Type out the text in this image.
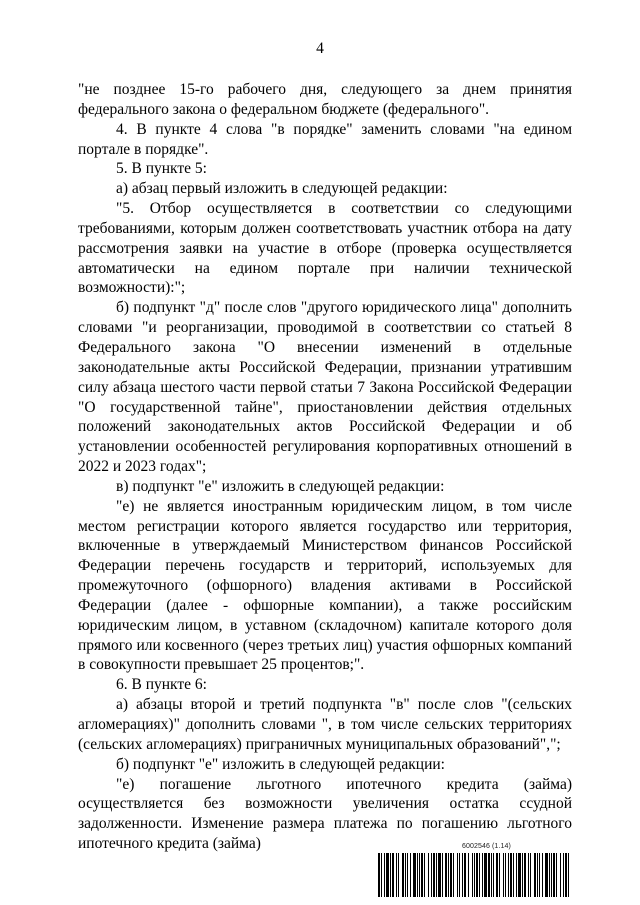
4

"не позднее 15-го рабочего дня, следующего за днем принятия федерального закона о федеральном бюджете (федерального".

4. В пункте 4 слова "в порядке" заменить словами "на едином портале в порядке".

5. В пункте 5:

а) абзац первый изложить в следующей редакции:

"5. Отбор осуществляется в соответствии со следующими требованиями, которым должен соответствовать участник отбора на дату рассмотрения заявки на участие в отборе (проверка осуществляется автоматически на едином портале при наличии технической возможности):";

б) подпункт "д" после слов "другого юридического лица" дополнить словами "и реорганизации, проводимой в соответствии со статьей 8 Федерального закона "О внесении изменений в отдельные законодательные акты Российской Федерации, признании утратившим силу абзаца шестого части первой статьи 7 Закона Российской Федерации "О государственной тайне", приостановлении действия отдельных положений законодательных актов Российской Федерации и об установлении особенностей регулирования корпоративных отношений в 2022 и 2023 годах";

в) подпункт "е" изложить в следующей редакции:

"е) не является иностранным юридическим лицом, в том числе местом регистрации которого является государство или территория, включенные в утверждаемый Министерством финансов Российской Федерации перечень государств и территорий, используемых для промежуточного (офшорного) владения активами в Российской Федерации (далее - офшорные компании), а также российским юридическим лицом, в уставном (складочном) капитале которого доля прямого или косвенного (через третьих лиц) участия офшорных компаний в совокупности превышает 25 процентов;".

6. В пункте 6:

а) абзацы второй и третий подпункта "в" после слов "(сельских агломерациях)" дополнить словами ", в том числе сельских территориях (сельских агломерациях) приграничных муниципальных образований",";

б) подпункт "е" изложить в следующей редакции:

"е) погашение льготного ипотечного кредита (займа) осуществляется без возможности увеличения остатка ссудной задолженности. Изменение размера платежа по погашению льготного ипотечного кредита (займа)	6002546 (1.14)
